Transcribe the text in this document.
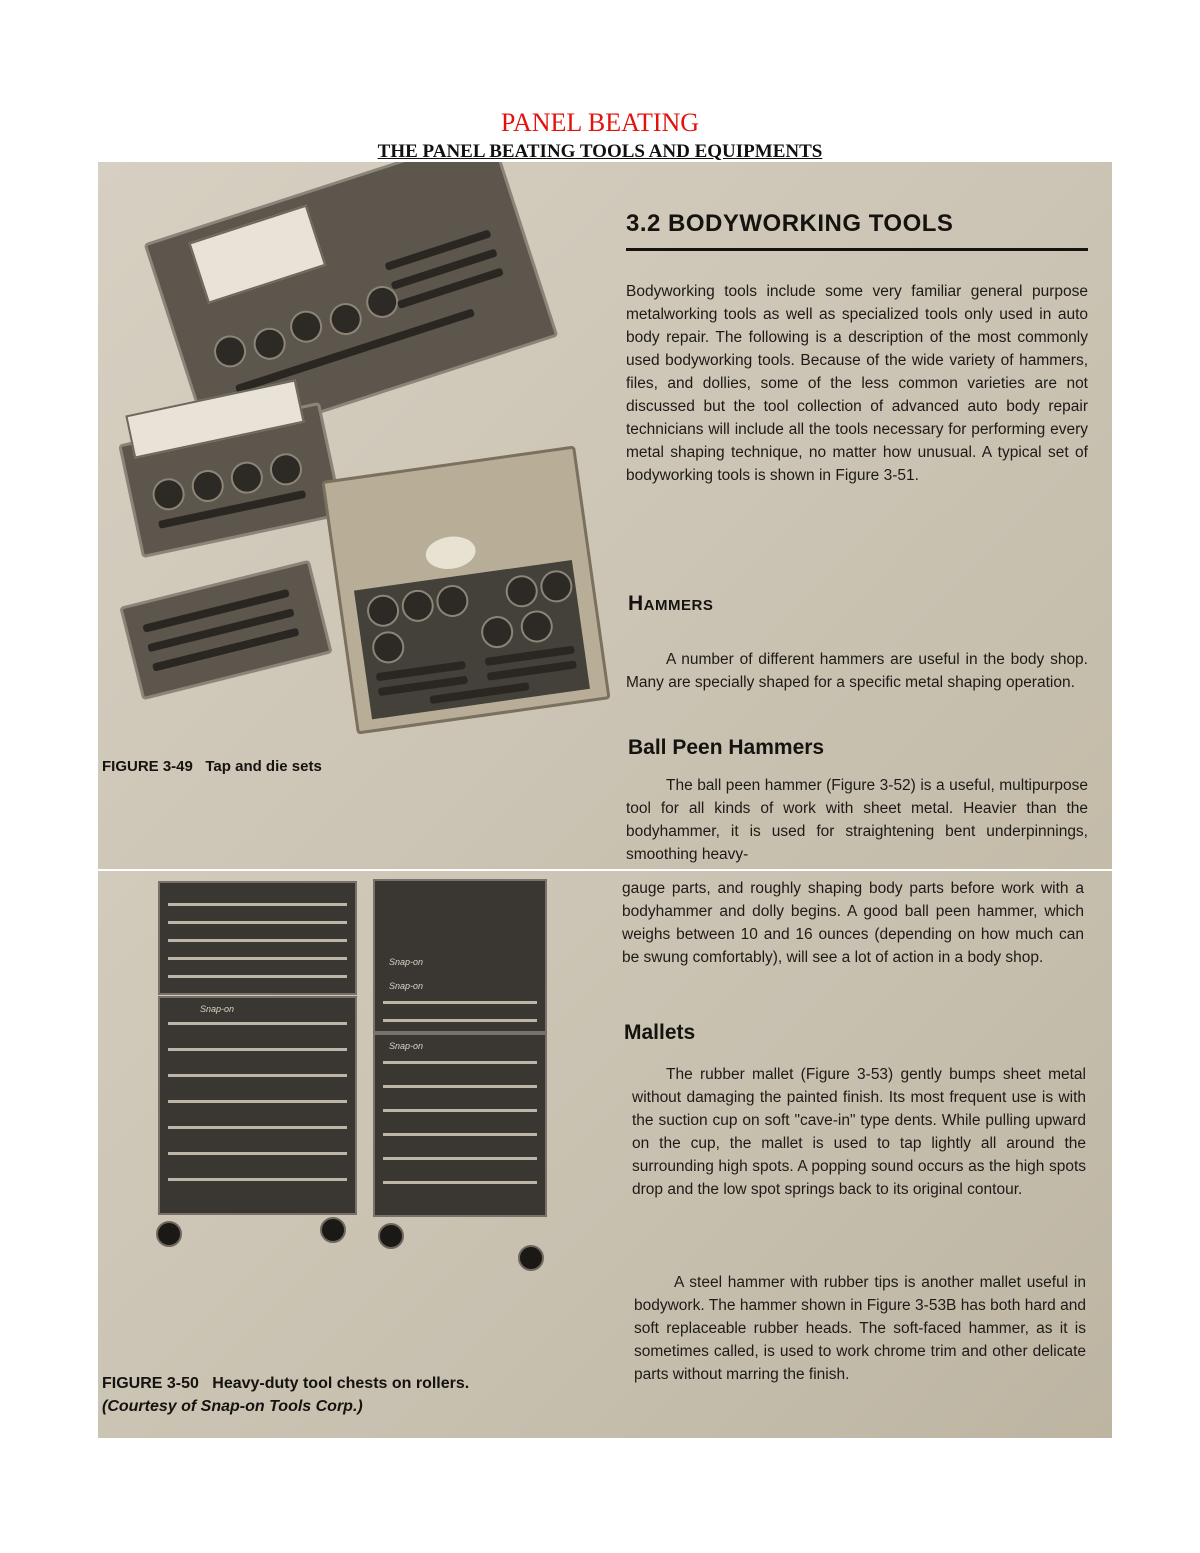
PANEL BEATING
THE PANEL BEATING TOOLS AND EQUIPMENTS
FIGURE 3-49 Tap and die sets
3.2 BODYWORKING TOOLS
Bodyworking tools include some very familiar general purpose metalworking tools as well as specialized tools only used in auto body repair. The following is a description of the most commonly used bodyworking tools. Because of the wide variety of hammers, files, and dollies, some of the less common varieties are not discussed but the tool collection of advanced auto body repair technicians will include all the tools necessary for performing every metal shaping technique, no matter how unusual. A typical set of bodyworking tools is shown in Figure 3-51.
Hammers
A number of different hammers are useful in the body shop. Many are specially shaped for a specific metal shaping operation.
Ball Peen Hammers
The ball peen hammer (Figure 3-52) is a useful, multipurpose tool for all kinds of work with sheet metal. Heavier than the bodyhammer, it is used for straightening bent underpinnings, smoothing heavy-
Snap-on
Snap-on
Snap-on
Snap-on
FIGURE 3-50 Heavy-duty tool chests on rollers.
(Courtesy of Snap-on Tools Corp.)
gauge parts, and roughly shaping body parts before work with a bodyhammer and dolly begins. A good ball peen hammer, which weighs between 10 and 16 ounces (depending on how much can be swung comfortably), will see a lot of action in a body shop.
Mallets
The rubber mallet (Figure 3-53) gently bumps sheet metal without damaging the painted finish. Its most frequent use is with the suction cup on soft "cave-in" type dents. While pulling upward on the cup, the mallet is used to tap lightly all around the surrounding high spots. A popping sound occurs as the high spots drop and the low spot springs back to its original contour.
A steel hammer with rubber tips is another mallet useful in bodywork. The hammer shown in Figure 3-53B has both hard and soft replaceable rubber heads. The soft-faced hammer, as it is sometimes called, is used to work chrome trim and other delicate parts without marring the finish.
